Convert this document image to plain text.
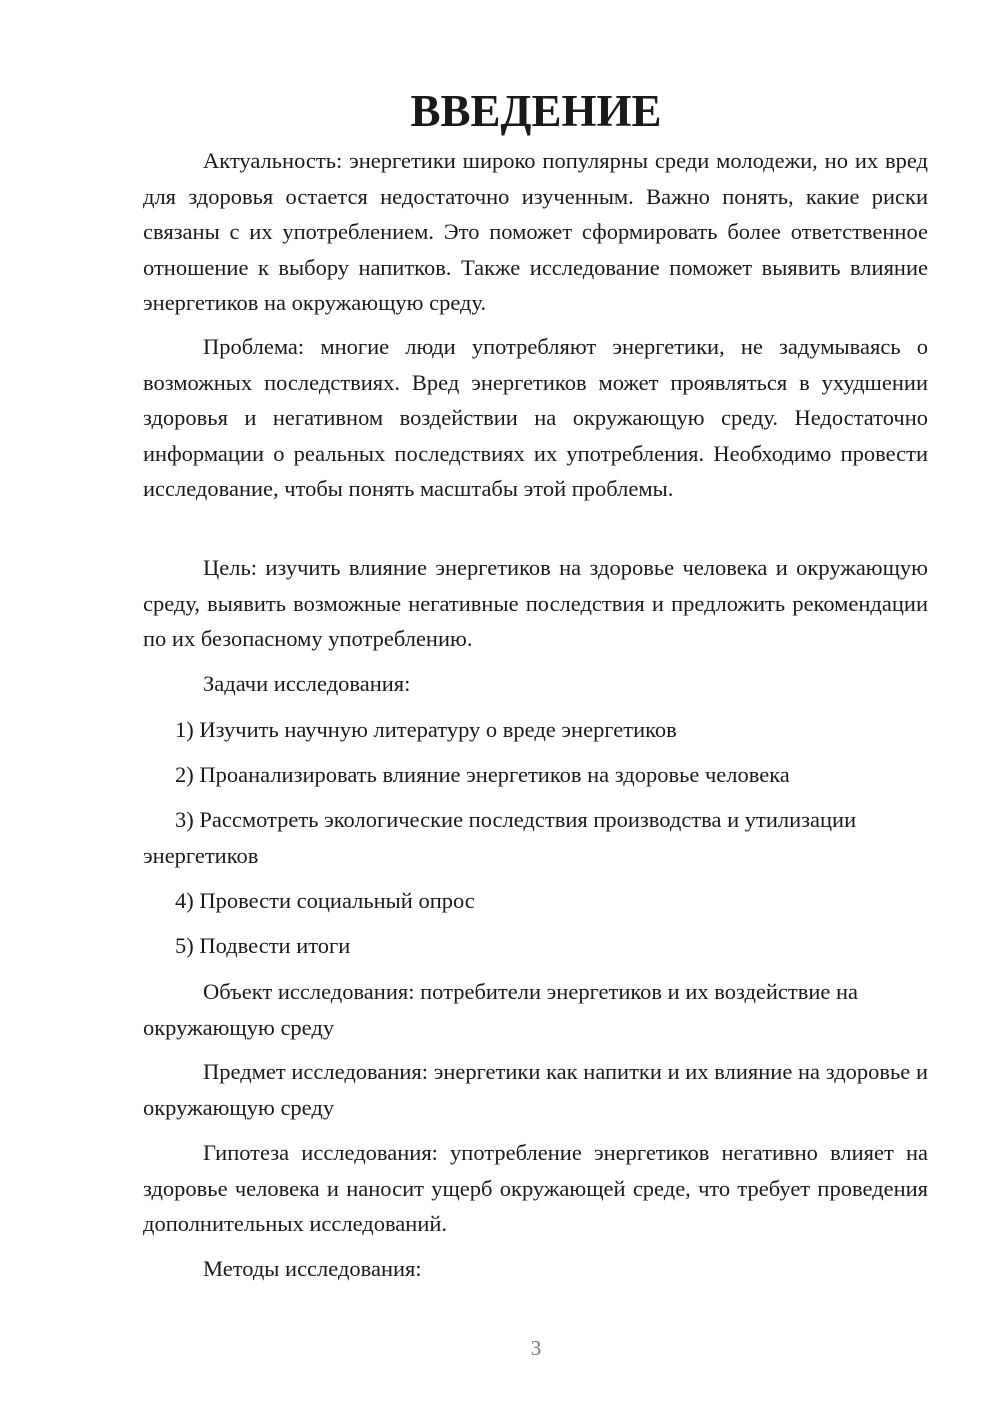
ВВЕДЕНИЕ

Актуальность: энергетики широко популярны среди молодежи, но их вред для здоровья остается недостаточно изученным. Важно понять, какие риски связаны с их употреблением. Это поможет сформировать более ответственное отношение к выбору напитков. Также исследование поможет выявить влияние энергетиков на окружающую среду.

Проблема: многие люди употребляют энергетики, не задумываясь о возможных последствиях. Вред энергетиков может проявляться в ухудшении здоровья и негативном воздействии на окружающую среду. Недостаточно информации о реальных последствиях их употребления. Необходимо провести исследование, чтобы понять масштабы этой проблемы.

Цель: изучить влияние энергетиков на здоровье человека и окружающую среду, выявить возможные негативные последствия и предложить рекомендации по их безопасному употреблению.

Задачи исследования:

1) Изучить научную литературу о вреде энергетиков

2) Проанализировать влияние энергетиков на здоровье человека

3) Рассмотреть экологические последствия производства и утилизации энергетиков

4) Провести социальный опрос

5) Подвести итоги

Объект исследования: потребители энергетиков и их воздействие на окружающую среду

Предмет исследования: энергетики как напитки и их влияние на здоровье и окружающую среду

Гипотеза исследования: употребление энергетиков негативно влияет на здоровье человека и наносит ущерб окружающей среде, что требует проведения дополнительных исследований.

Методы исследования:

3
